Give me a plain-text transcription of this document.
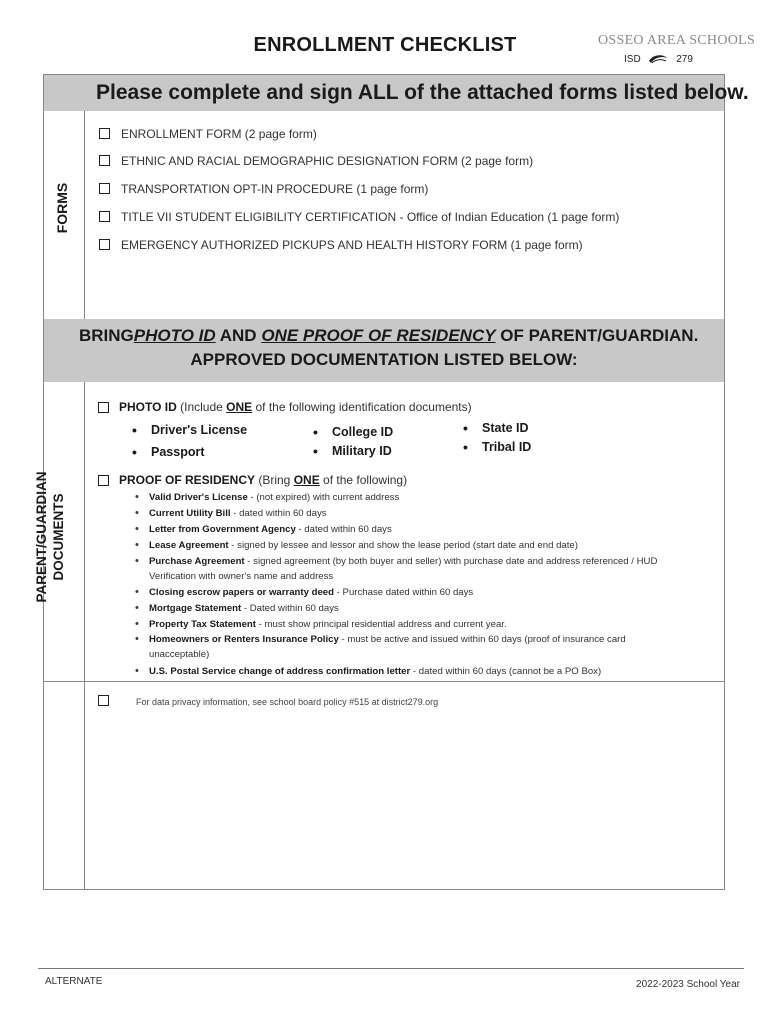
ENROLLMENT CHECKLIST	OSSEO AREA SCHOOLS
ISD	279
Please complete and sign ALL of the attached forms listed below.
FORMS
ENROLLMENT FORM (2 page form)
ETHNIC AND RACIAL DEMOGRAPHIC DESIGNATION FORM (2 page form)
TRANSPORTATION OPT-IN PROCEDURE (1 page form)
TITLE VII STUDENT ELIGIBILITY CERTIFICATION - Office of Indian Education (1 page form)
EMERGENCY AUTHORIZED PICKUPS AND HEALTH HISTORY FORM (1 page form)
BRINGPHOTO ID AND ONE PROOF OF RESIDENCY OF PARENT/GUARDIAN.
APPROVED DOCUMENTATION LISTED BELOW:
PARENT/GUARDIAN DOCUMENTS
PHOTO ID (Include ONE of the following identification documents)
• Driver's License
• Passport
• College ID
• Military ID
• State ID
• Tribal ID
PROOF OF RESIDENCY (Bring ONE of the following)
• Valid Driver's License - (not expired) with current address
• Current Utility Bill - dated within 60 days
• Letter from Government Agency - dated within 60 days
• Lease Agreement - signed by lessee and lessor and show the lease period (start date and end date)
• Purchase Agreement - signed agreement (by both buyer and seller) with purchase date and address referenced / HUD
Verification with owner's name and address
• Closing escrow papers or warranty deed - Purchase dated within 60 days
• Mortgage Statement - Dated within 60 days
• Property Tax Statement - must show principal residential address and current year.
• Homeowners or Renters Insurance Policy - must be active and issued within 60 days (proof of insurance card
unacceptable)
• U.S. Postal Service change of address confirmation letter - dated within 60 days (cannot be a PO Box)
For data privacy information, see school board policy #515 at district279.org
ALTERNATE	2022-2023 School Year
